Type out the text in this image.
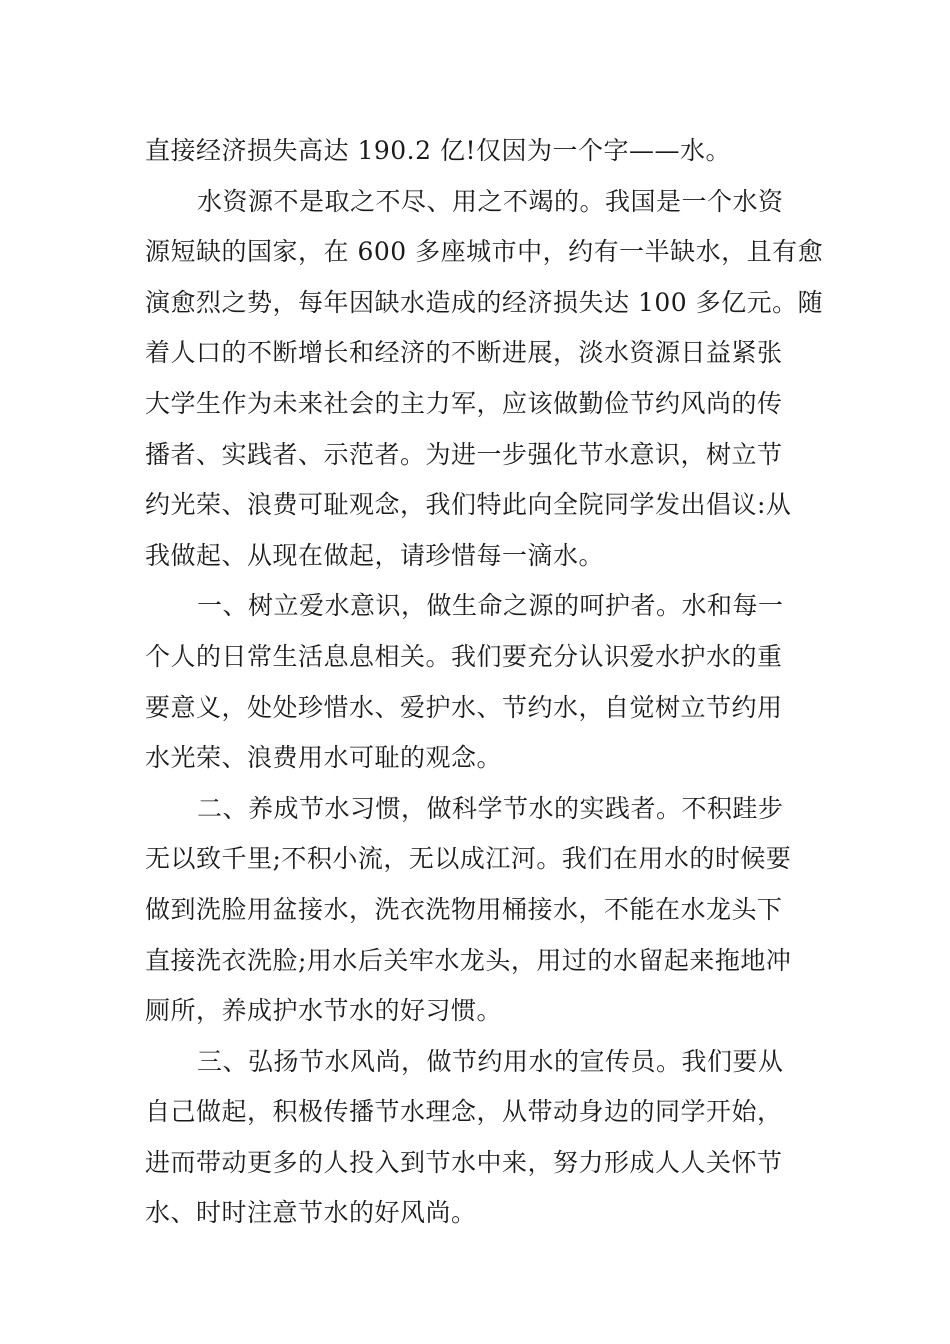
直接经济损失高达 190.2 亿!仅因为一个字——水。
水资源不是取之不尽、用之不竭的。我国是一个水资
源短缺的国家，在 600 多座城市中，约有一半缺水，且有愈
演愈烈之势，每年因缺水造成的经济损失达 100 多亿元。随
着人口的不断增长和经济的不断进展，淡水资源日益紧张
大学生作为未来社会的主力军，应该做勤俭节约风尚的传
播者、实践者、示范者。为进一步强化节水意识，树立节
约光荣、浪费可耻观念，我们特此向全院同学发出倡议:从
我做起、从现在做起，请珍惜每一滴水。
一、树立爱水意识，做生命之源的呵护者。水和每一
个人的日常生活息息相关。我们要充分认识爱水护水的重
要意义，处处珍惜水、爱护水、节约水，自觉树立节约用
水光荣、浪费用水可耻的观念。
二、养成节水习惯，做科学节水的实践者。不积跬步
无以致千里;不积小流，无以成江河。我们在用水的时候要
做到洗脸用盆接水，洗衣洗物用桶接水，不能在水龙头下
直接洗衣洗脸;用水后关牢水龙头，用过的水留起来拖地冲
厕所，养成护水节水的好习惯。
三、弘扬节水风尚，做节约用水的宣传员。我们要从
自己做起，积极传播节水理念，从带动身边的同学开始，
进而带动更多的人投入到节水中来，努力形成人人关怀节
水、时时注意节水的好风尚。
